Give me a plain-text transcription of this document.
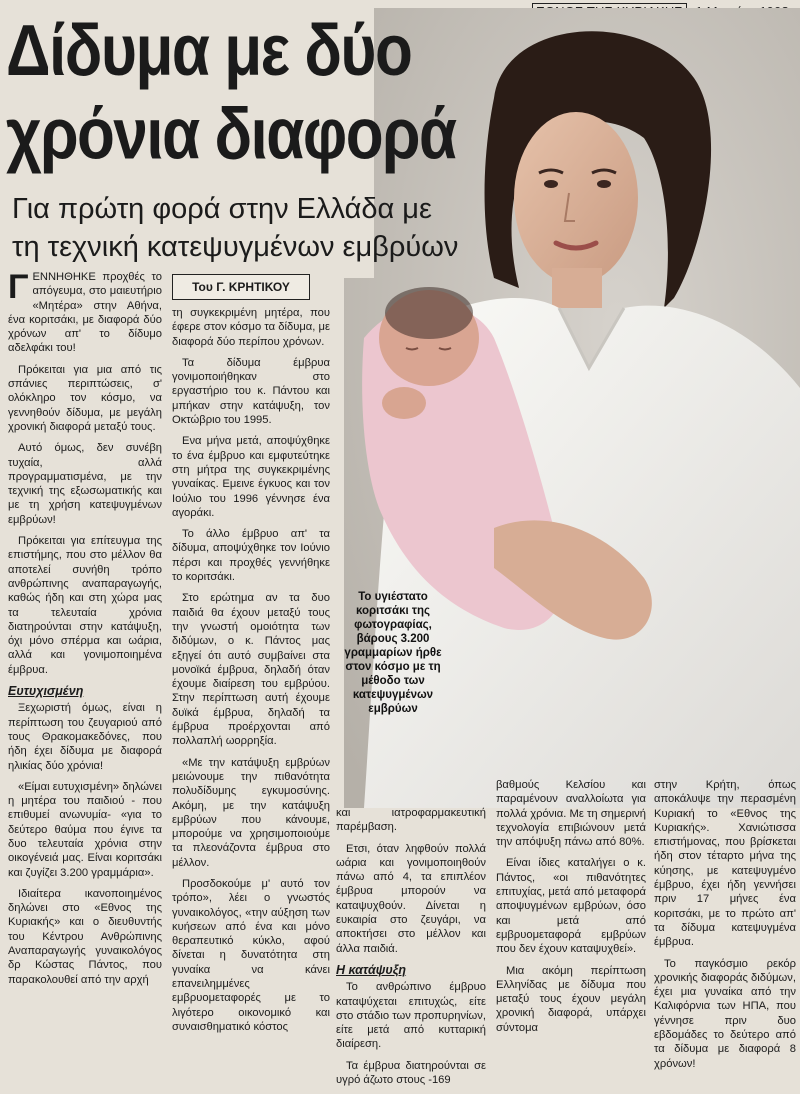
Δίδυμα με δύο
χρόνια διαφορά
Για πρώτη φορά στην Ελλάδα με
τη τεχνική κατεψυγμένων εμβρύων
Του Γ. ΚΡΗΤΙΚΟΥ
Το υγιέστατο κοριτσάκι της φωτογραφίας, βάρους 3.200 γραμμαρίων ήρθε στον κόσμο με τη μέθοδο των κατεψυγμένων εμβρύων

ΓΕΝΝΗΘΗΚΕ προχθές το απόγευμα, στο μαιευτήριο «Μητέρα» στην Αθήνα, ένα κοριτσάκι, με διαφορά δύο χρόνων απ' το δίδυμο αδελφάκι του!

Πρόκειται για μια από τις σπάνιες περιπτώσεις, σ' ολόκληρο τον κόσμο, να γεννηθούν δίδυμα, με μεγάλη χρονική διαφορά μεταξύ τους.

Αυτό όμως, δεν συνέβη τυχαία, αλλά προγραμματισμένα, με την τεχνική της εξωσωματικής και με τη χρήση κατεψυγμένων εμβρύων!

Πρόκειται για επίτευγμα της επιστήμης, που στο μέλλον θα αποτελεί συνήθη τρόπο ανθρώπινης αναπαραγωγής, καθώς ήδη και στη χώρα μας τα τελευταία χρόνια διατηρούνται στην κατάψυξη, όχι μόνο σπέρμα και ωάρια, αλλά και γονιμοποιημένα έμβρυα.

Ευτυχισμένη

Ξεχωριστή όμως, είναι η περίπτωση του ζευγαριού από τους Θρακομακεδόνες, που ήδη έχει δίδυμα με διαφορά ηλικίας δύο χρόνια!

«Είμαι ευτυχισμένη» δηλώνει η μητέρα του παιδιού - που επιθυμεί ανωνυμία- «για το δεύτερο θαύμα που έγινε τα δυο τελευταία χρόνια στην οικογένειά μας. Είναι κοριτσάκι και ζυγίζει 3.200 γραμμάρια».

Ιδιαίτερα ικανοποιημένος δηλώνει στο «Εθνος της Κυριακής» και ο διευθυντής του Κέντρου Ανθρώπινης Αναπαραγωγής γυναικολόγος δρ Κώστας Πάντος, που παρακολουθεί από την αρχή

τη συγκεκριμένη μητέρα, που έφερε στον κόσμο τα δίδυμα, με διαφορά δύο περίπου χρόνων.

Τα δίδυμα έμβρυα γονιμοποιήθηκαν στο εργαστήριο του κ. Πάντου και μπήκαν στην κατάψυξη, τον Οκτώβριο του 1995.

Ενα μήνα μετά, αποψύχθηκε το ένα έμβρυο και εμφυτεύτηκε στη μήτρα της συγκεκριμένης γυναίκας. Εμεινε έγκυος και τον Ιούλιο του 1996 γέννησε ένα αγοράκι.

Το άλλο έμβρυο απ' τα δίδυμα, αποψύχθηκε τον Ιούνιο πέρσι και προχθές γεννήθηκε το κοριτσάκι.

Στο ερώτημα αν τα δυο παιδιά θα έχουν μεταξύ τους την γνωστή ομοιότητα των διδύμων, ο κ. Πάντος μας εξηγεί ότι αυτό συμβαίνει στα μονοϊκά έμβρυα, δηλαδή όταν έχουμε διαίρεση του εμβρύου. Στην περίπτωση αυτή έχουμε δυϊκά έμβρυα, δηλαδή τα έμβρυα προέρχονται από πολλαπλή ωορρηξία.

«Με την κατάψυξη εμβρύων μειώνουμε την πιθανότητα πολυδίδυμης εγκυμοσύνης. Ακόμη, με την κατάψυξη εμβρύων που κάνουμε, μπορούμε να χρησιμοποιούμε τα πλεονάζοντα έμβρυα στο μέλλον.

Προσδοκούμε μ' αυτό τον τρόπο», λέει ο γνωστός γυναικολόγος, «την αύξηση των κυήσεων από ένα και μόνο θεραπευτικό κύκλο, αφού δίνεται η δυνατότητα στη γυναίκα να κάνει επανειλημμένες εμβρυομεταφορές με το λιγότερο οικονομικό και συναισθηματικό κόστος

και ιατροφαρμακευτική παρέμβαση.

Ετσι, όταν ληφθούν πολλά ωάρια και γονιμοποιηθούν πάνω από 4, τα επιπλέον έμβρυα μπορούν να καταψυχθούν. Δίνεται η ευκαιρία στο ζευγάρι, να αποκτήσει στο μέλλον και άλλα παιδιά.

Η κατάψυξη

Το ανθρώπινο έμβρυο καταψύχεται επιτυχώς, είτε στο στάδιο των προπυρηνίων, είτε μετά από κυτταρική διαίρεση.

Τα έμβρυα διατηρούνται σε υγρό άζωτο στους -169

βαθμούς Κελσίου και παραμένουν αναλλοίωτα για πολλά χρόνια. Με τη σημερινή τεχνολογία επιβιώνουν μετά την απόψυξη πάνω από 80%.

Είναι ίδιες καταλήγει ο κ. Πάντος, «οι πιθανότητες επιτυχίας, μετά από μεταφορά αποψυγμένων εμβρύων, όσο και μετά από εμβρυομεταφορά εμβρύων που δεν έχουν καταψυχθεί».

Μια ακόμη περίπτωση Ελληνίδας με δίδυμα που μεταξύ τους έχουν μεγάλη χρονική διαφορά, υπάρχει σύντομα

στην Κρήτη, όπως αποκάλυψε την περασμένη Κυριακή το «Εθνος της Κυριακής». Χανιώτισσα επιστήμονας, που βρίσκεται ήδη στον τέταρτο μήνα της κύησης, με κατεψυγμένο έμβρυο, έχει ήδη γεννήσει πριν 17 μήνες ένα κοριτσάκι, με το πρώτο απ' τα δίδυμα κατεψυγμένα έμβρυα.

Το παγκόσμιο ρεκόρ χρονικής διαφοράς διδύμων, έχει μια γυναίκα από την Καλιφόρνια των ΗΠΑ, που γέννησε πριν δυο εβδομάδες το δεύτερο από τα δίδυμα με διαφορά 8 χρόνων!
